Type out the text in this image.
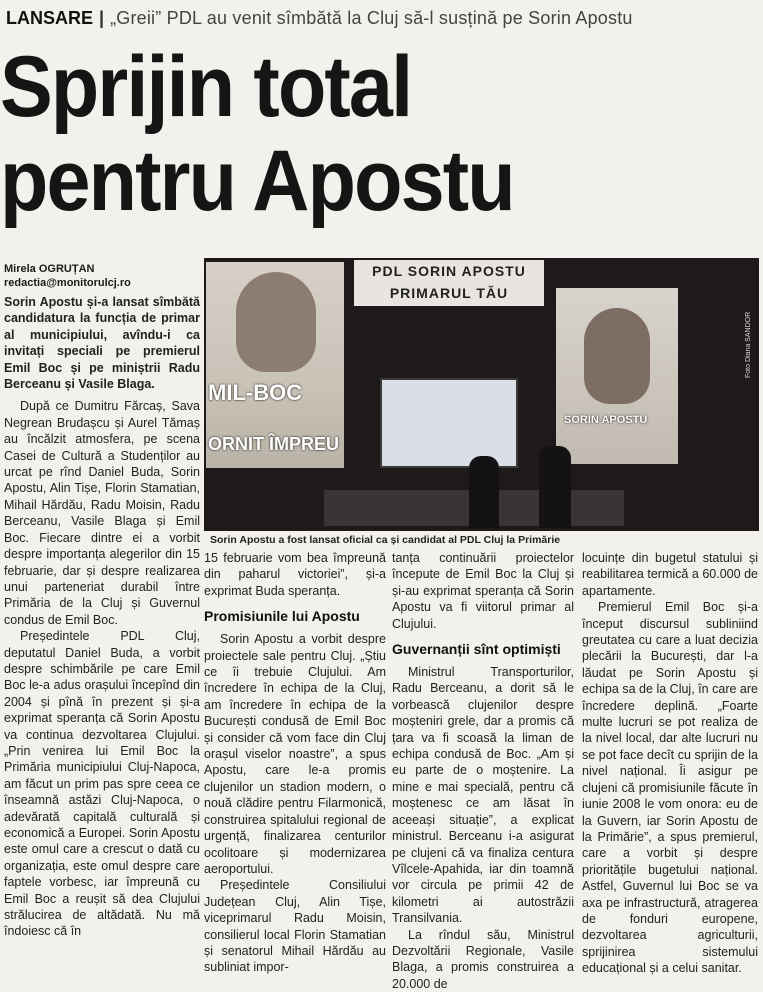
LANSARE | „Greii” PDL au venit sîmbătă la Cluj să-l susțină pe Sorin Apostu
Sprijin total
pentru Apostu
Mirela OGRUȚAN
redactia@monitorulcj.ro

Sorin Apostu și-a lansat sîmbătă candidatura la funcția de primar al municipiului, avîndu-i ca invitați speciali pe premierul Emil Boc și pe miniștrii Radu Berceanu și Vasile Blaga.

După ce Dumitru Fărcaș, Sava Negrean Brudașcu și Aurel Tămaș au încălzit atmosfera, pe scena Casei de Cultură a Studenților au urcat pe rînd Daniel Buda, Sorin Apostu, Alin Tișe, Florin Stamatian, Mihail Hărdău, Radu Moisin, Radu Berceanu, Vasile Blaga și Emil Boc. Fiecare dintre ei a vorbit despre importanța alegerilor din 15 februarie, dar și despre realizarea unui parteneriat durabil între Primăria de la Cluj și Guvernul condus de Emil Boc.

Președintele PDL Cluj, deputatul Daniel Buda, a vorbit despre schimbările pe care Emil Boc le-a adus orașului începînd din 2004 și pînă în prezent și și-a exprimat speranța că Sorin Apostu va continua dezvoltarea Clujului. „Prin venirea lui Emil Boc la Primăria municipiului Cluj-Napoca, am făcut un prim pas spre ceea ce înseamnă astăzi Cluj-Napoca, o adevărată capitală culturală și economică a Europei. Sorin Apostu este omul care a crescut o dată cu organizația, este omul despre care faptele vorbesc, iar împreună cu Emil Boc a reușit să dea Clujului strălucirea de altădată. Nu mă îndoiesc că în

MIL-BOC
ORNIT ÎMPREU
PDL SORIN APOSTU
PRIMARUL TĂU
SORIN APOSTU
Foto Diana SANDOR
Sorin Apostu a fost lansat oficial ca și candidat al PDL Cluj la Primărie

15 februarie vom bea împreună din paharul victoriei”, și-a exprimat Buda speranța.

Promisiunile lui Apostu

Sorin Apostu a vorbit despre proiectele sale pentru Cluj. „Știu ce îi trebuie Clujului. Am încredere în echipa de la Cluj, am încredere în echipa de la București condusă de Emil Boc și consider că vom face din Cluj orașul viselor noastre”, a spus Apostu, care le-a promis clujenilor un stadion modern, o nouă clădire pentru Filarmonică, construirea spitalului regional de urgență, finalizarea centurilor ocolitoare și modernizarea aeroportului.

Președintele Consiliului Județean Cluj, Alin Tișe, viceprimarul Radu Moisin, consilierul local Florin Stamatian și senatorul Mihail Hărdău au subliniat impor-

tanța continuării proiectelor începute de Emil Boc la Cluj și și-au exprimat speranța că Sorin Apostu va fi viitorul primar al Clujului.

Guvernanții sînt optimiști

Ministrul Transporturilor, Radu Berceanu, a dorit să le vorbească clujenilor despre moșteniri grele, dar a promis că țara va fi scoasă la liman de echipa condusă de Boc. „Am și eu parte de o moștenire. La mine e mai specială, pentru că moștenesc ce am lăsat în aceeași situație”, a explicat ministrul. Berceanu i-a asigurat pe clujeni că va finaliza centura Vîlcele-Apahida, iar din toamnă vor circula pe primii 42 de kilometri ai autostrăzii Transilvania.

La rîndul său, Ministrul Dezvoltării Regionale, Vasile Blaga, a promis construirea a 20.000 de

locuințe din bugetul statului și reabilitarea termică a 60.000 de apartamente.

Premierul Emil Boc și-a început discursul subliniind greutatea cu care a luat decizia plecării la București, dar l-a lăudat pe Sorin Apostu și echipa sa de la Cluj, în care are încredere deplină. „Foarte multe lucruri se pot realiza de la nivel local, dar alte lucruri nu se pot face decît cu sprijin de la nivel național. Îi asigur pe clujeni că promisiunile făcute în iunie 2008 le vom onora: eu de la Guvern, iar Sorin Apostu de la Primărie”, a spus premierul, care a vorbit și despre prioritățile bugetului național. Astfel, Guvernul lui Boc se va axa pe infrastructură, atragerea de fonduri europene, dezvoltarea agriculturii, sprijinirea sistemului educațional și a celui sanitar.
